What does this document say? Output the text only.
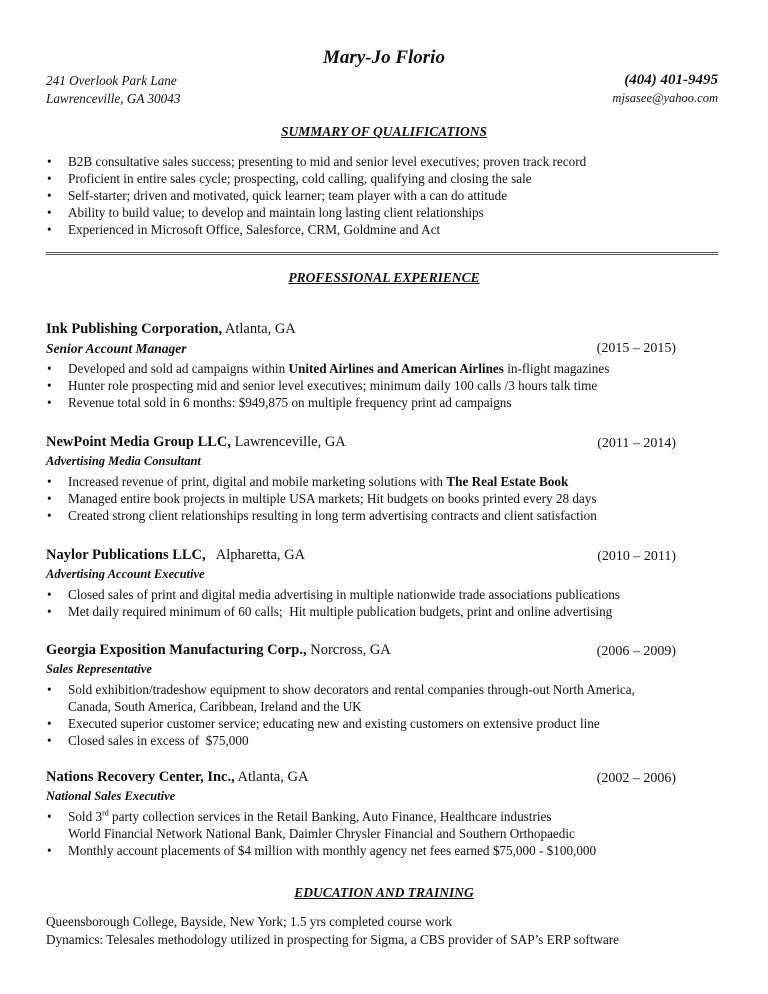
Mary-Jo Florio
241 Overlook Park Lane	(404) 401-9495
Lawrenceville, GA 30043	mjsasee@yahoo.com
SUMMARY OF QUALIFICATIONS
• B2B consultative sales success; presenting to mid and senior level executives; proven track record
• Proficient in entire sales cycle; prospecting, cold calling, qualifying and closing the sale
• Self-starter; driven and motivated, quick learner; team player with a can do attitude
• Ability to build value; to develop and maintain long lasting client relationships
• Experienced in Microsoft Office, Salesforce, CRM, Goldmine and Act
PROFESSIONAL EXPERIENCE
Ink Publishing Corporation, Atlanta, GA
Senior Account Manager	(2015 – 2015)
• Developed and sold ad campaigns within United Airlines and American Airlines in-flight magazines
• Hunter role prospecting mid and senior level executives; minimum daily 100 calls /3 hours talk time
• Revenue total sold in 6 months: $949,875 on multiple frequency print ad campaigns
NewPoint Media Group LLC, Lawrenceville, GA	(2011 – 2014)
Advertising Media Consultant
• Increased revenue of print, digital and mobile marketing solutions with The Real Estate Book
• Managed entire book projects in multiple USA markets; Hit budgets on books printed every 28 days
• Created strong client relationships resulting in long term advertising contracts and client satisfaction
Naylor Publications LLC,   Alpharetta, GA	(2010 – 2011)
Advertising Account Executive
• Closed sales of print and digital media advertising in multiple nationwide trade associations publications
• Met daily required minimum of 60 calls;  Hit multiple publication budgets, print and online advertising
Georgia Exposition Manufacturing Corp., Norcross, GA	(2006 – 2009)
Sales Representative
• Sold exhibition/tradeshow equipment to show decorators and rental companies through-out North America,
Canada, South America, Caribbean, Ireland and the UK
• Executed superior customer service; educating new and existing customers on extensive product line
• Closed sales in excess of  $75,000
Nations Recovery Center, Inc., Atlanta, GA	(2002 – 2006)
National Sales Executive
• Sold 3rd party collection services in the Retail Banking, Auto Finance, Healthcare industries
World Financial Network National Bank, Daimler Chrysler Financial and Southern Orthopaedic
• Monthly account placements of $4 million with monthly agency net fees earned $75,000 - $100,000
EDUCATION AND TRAINING
Queensborough College, Bayside, New York; 1.5 yrs completed course work
Dynamics: Telesales methodology utilized in prospecting for Sigma, a CBS provider of SAP’s ERP software
